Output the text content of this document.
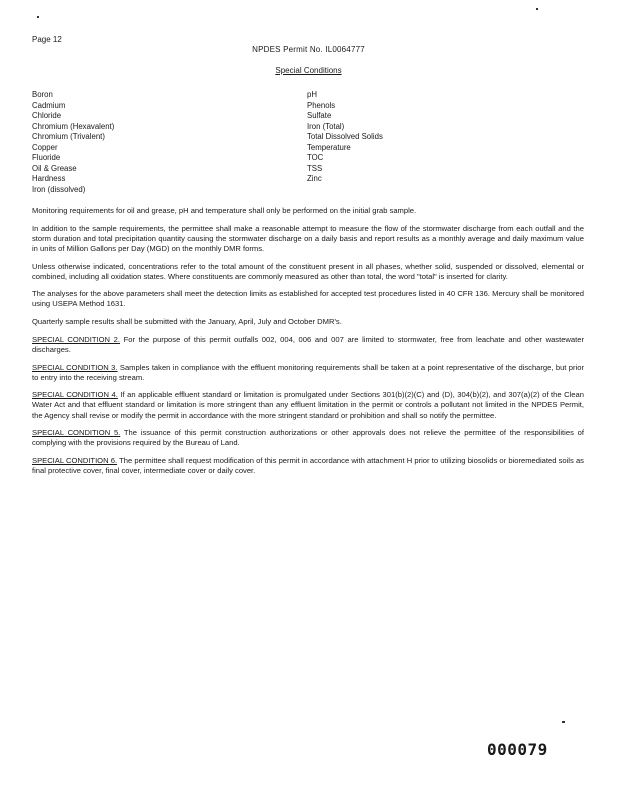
Page 12
NPDES Permit No. IL0064777
Special Conditions
Boron
Cadmium
Chloride
Chromium (Hexavalent)
Chromium (Trivalent)
Copper
Fluoride
Oil & Grease
Hardness
Iron (dissolved)
pH
Phenols
Sulfate
Iron (Total)
Total Dissolved Solids
Temperature
TOC
TSS
Zinc

Monitoring requirements for oil and grease, pH and temperature shall only be performed on the initial grab sample.

In addition to the sample requirements, the permittee shall make a reasonable attempt to measure the flow of the stormwater discharge from each outfall and the storm duration and total precipitation quantity causing the stormwater discharge on a daily basis and report results as a monthly average and daily maximum value in units of Million Gallons per Day (MGD) on the monthly DMR forms.

Unless otherwise indicated, concentrations refer to the total amount of the constituent present in all phases, whether solid, suspended or dissolved, elemental or combined, including all oxidation states. Where constituents are commonly measured as other than total, the word "total" is inserted for clarity.

The analyses for the above parameters shall meet the detection limits as established for accepted test procedures listed in 40 CFR 136. Mercury shall be monitored using USEPA Method 1631.

Quarterly sample results shall be submitted with the January, April, July and October DMR's.

SPECIAL CONDITION 2. For the purpose of this permit outfalls 002, 004, 006 and 007 are limited to stormwater, free from leachate and other wastewater discharges.

SPECIAL CONDITION 3. Samples taken in compliance with the effluent monitoring requirements shall be taken at a point representative of the discharge, but prior to entry into the receiving stream.

SPECIAL CONDITION 4. If an applicable effluent standard or limitation is promulgated under Sections 301(b)(2)(C) and (D), 304(b)(2), and 307(a)(2) of the Clean Water Act and that effluent standard or limitation is more stringent than any effluent limitation in the permit or controls a pollutant not limited in the NPDES Permit, the Agency shall revise or modify the permit in accordance with the more stringent standard or prohibition and shall so notify the permittee.

SPECIAL CONDITION 5. The issuance of this permit construction authorizations or other approvals does not relieve the permittee of the responsibilities of complying with the provisions required by the Bureau of Land.

SPECIAL CONDITION 6. The permittee shall request modification of this permit in accordance with attachment H prior to utilizing biosolids or bioremediated soils as final protective cover, final cover, intermediate cover or daily cover.

000079
